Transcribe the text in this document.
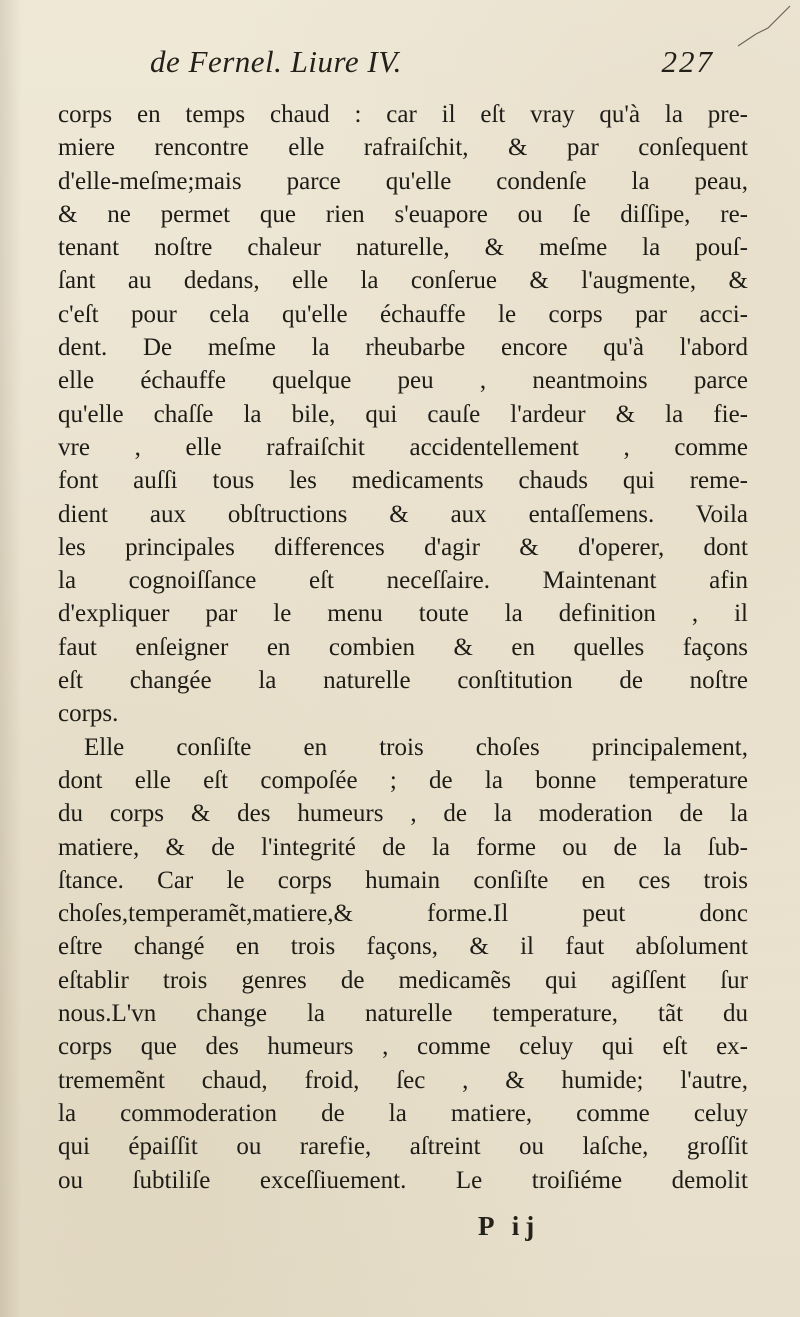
de Fernel. Liure IV.	227
corps en temps chaud : car il eſt vray qu'à la pre-
miere rencontre elle rafraiſchit, & par conſequent
d'elle-meſme;mais parce qu'elle condenſe la peau,
& ne permet que rien s'euapore ou ſe diſſipe, re-
tenant noſtre chaleur naturelle, & meſme la pouſ-
ſant au dedans, elle la conſerue & l'augmente, &
c'eſt pour cela qu'elle échauffe le corps par acci-
dent. De meſme la rheubarbe encore qu'à l'abord
elle échauffe quelque peu , neantmoins parce
qu'elle chaſſe la bile, qui cauſe l'ardeur & la fie-
vre , elle rafraiſchit accidentellement , comme
font auſſi tous les medicaments chauds qui reme-
dient aux obſtructions & aux entaſſemens. Voila
les principales differences d'agir & d'operer, dont
la cognoiſſance eſt neceſſaire. Maintenant afin
d'expliquer par le menu toute la definition , il
faut enſeigner en combien & en quelles façons
eſt changée la naturelle conſtitution de noſtre
corps.
Elle conſiſte en trois choſes principalement,
dont elle eſt compoſée ; de la bonne temperature
du corps & des humeurs , de la moderation de la
matiere, & de l'integrité de la forme ou de la ſub-
ſtance. Car le corps humain conſiſte en ces trois
choſes,temperamẽt,matiere,& forme.Il peut donc
eſtre changé en trois façons, & il faut abſolument
eſtablir trois genres de medicamẽs qui agiſſent ſur
nous.L'vn change la naturelle temperature, tãt du
corps que des humeurs , comme celuy qui eſt ex-
trememẽnt chaud, froid, ſec , & humide; l'autre,
la commoderation de la matiere, comme celuy
qui épaiſſit ou rarefie, aſtreint ou laſche, groſſit
ou ſubtiliſe exceſſiuement. Le troiſiéme demolit
P ij
